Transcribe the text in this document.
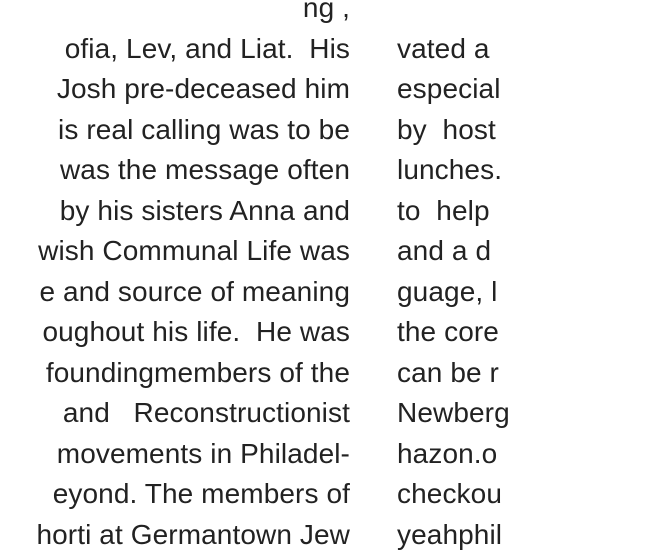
ng ,
ofia, Lev, and Liat.  His
Josh pre-deceased him
is real calling was to be
was the message often
by his sisters Anna and
wish Communal Life was
e and source of meaning
oughout his life.  He was
foundingmembers of the
and   Reconstructionist
movements in Philadel-
eyond. The members of
horti at Germantown Jew
vated a
especial
by  host
lunches.
to  help
and a d
guage, l
the core
can be r
Newberg
hazon.o
checkou
yeahphil
